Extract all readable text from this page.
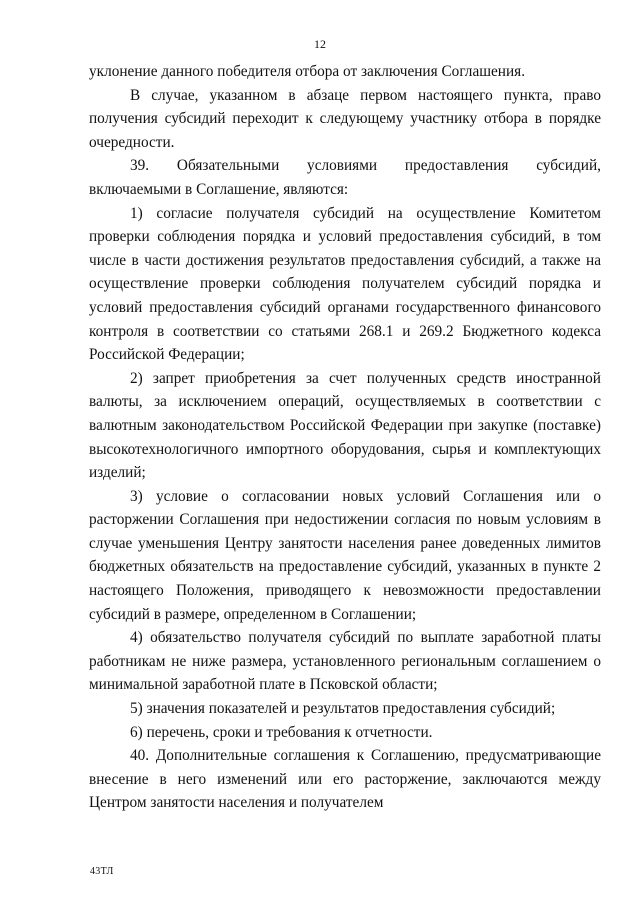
12

уклонение данного победителя отбора от заключения Соглашения.

В случае, указанном в абзаце первом настоящего пункта, право получения субсидий переходит к следующему участнику отбора в порядке очередности.

39. Обязательными условиями предоставления субсидий, включаемыми в Соглашение, являются:

1) согласие получателя субсидий на осуществление Комитетом проверки соблюдения порядка и условий предоставления субсидий, в том числе в части достижения результатов предоставления субсидий, а также на осуществление проверки соблюдения получателем субсидий порядка и условий предоставления субсидий органами государственного финансового контроля в соответствии со статьями 268.1 и 269.2 Бюджетного кодекса Российской Федерации;

2) запрет приобретения за счет полученных средств иностранной валюты, за исключением операций, осуществляемых в соответствии с валютным законодательством Российской Федерации при закупке (поставке) высокотехнологичного импортного оборудования, сырья и комплектующих изделий;

3) условие о согласовании новых условий Соглашения или о расторжении Соглашения при недостижении согласия по новым условиям в случае уменьшения Центру занятости населения ранее доведенных лимитов бюджетных обязательств на предоставление субсидий, указанных в пункте 2 настоящего Положения, приводящего к невозможности предоставлении субсидий в размере, определенном в Соглашении;

4) обязательство получателя субсидий по выплате заработной платы работникам не ниже размера, установленного региональным соглашением о минимальной заработной плате в Псковской области;

5) значения показателей и результатов предоставления субсидий;

6) перечень, сроки и требования к отчетности.

40. Дополнительные соглашения к Соглашению, предусматривающие внесение в него изменений или его расторжение, заключаются между Центром занятости населения и получателем

43ТЛ
